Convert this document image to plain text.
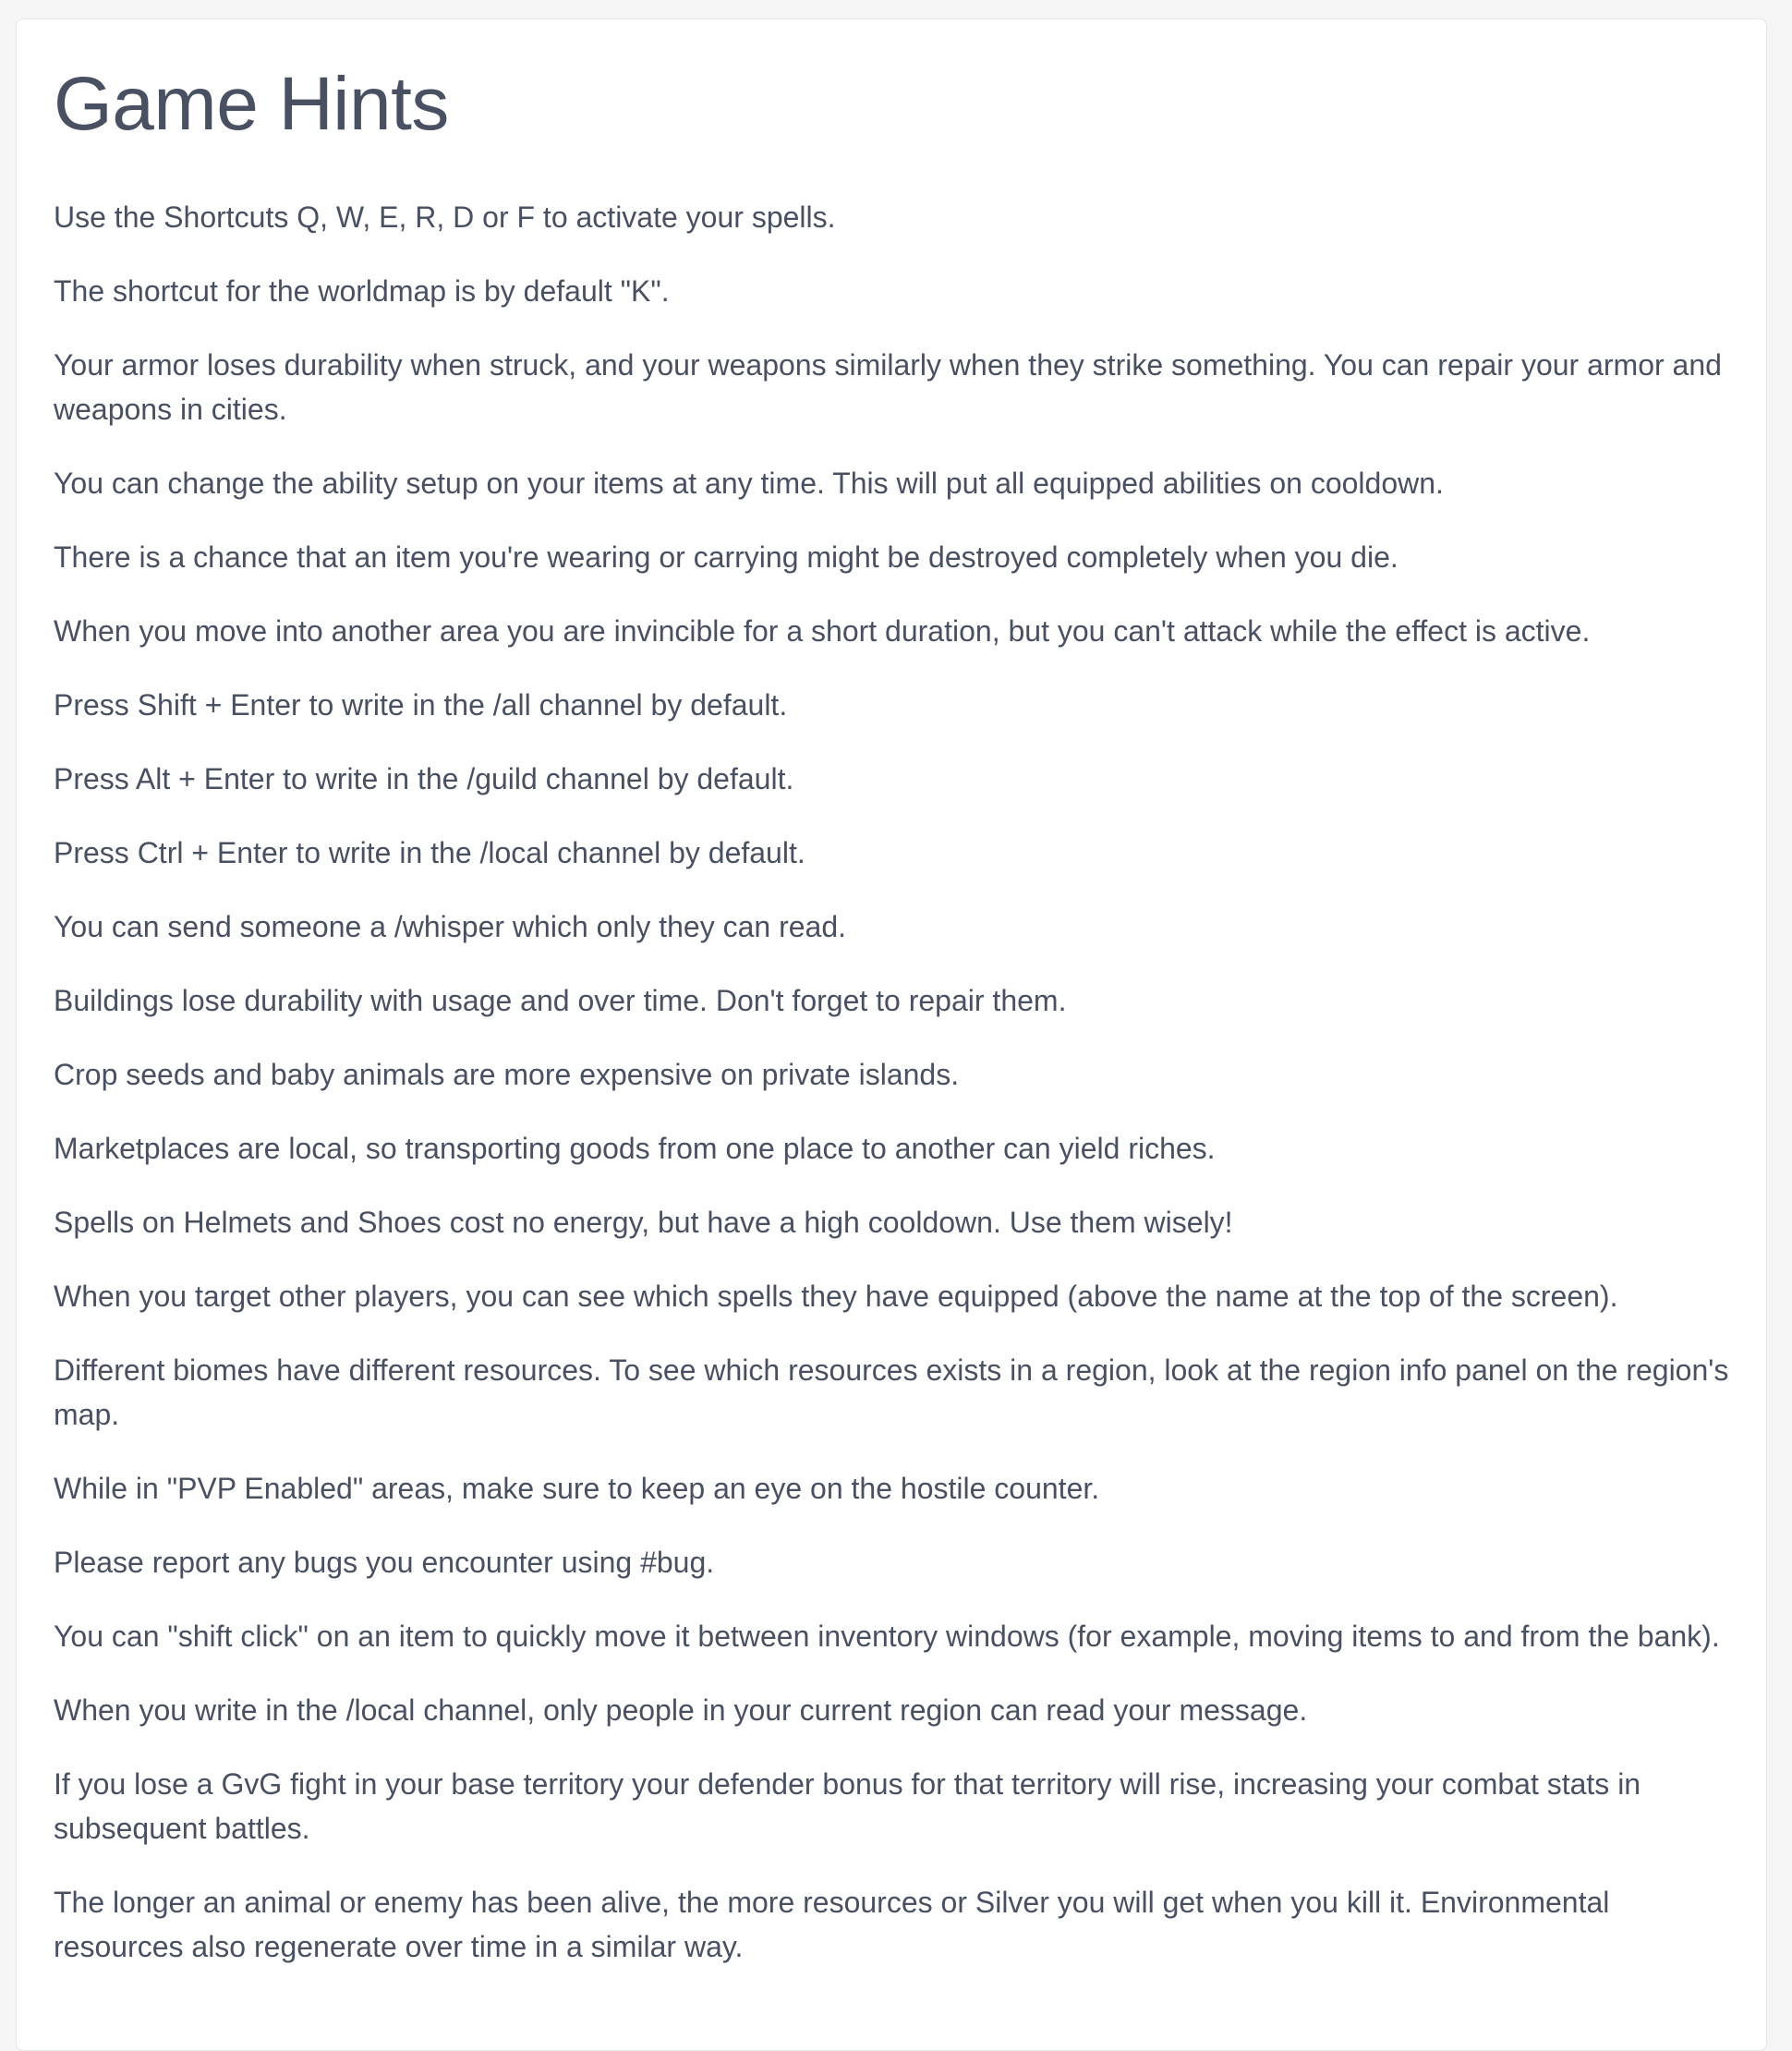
Game Hints
Use the Shortcuts Q, W, E, R, D or F to activate your spells.
The shortcut for the worldmap is by default "K".
Your armor loses durability when struck, and your weapons similarly when they strike something. You can repair your armor and weapons in cities.
You can change the ability setup on your items at any time. This will put all equipped abilities on cooldown.
There is a chance that an item you're wearing or carrying might be destroyed completely when you die.
When you move into another area you are invincible for a short duration, but you can't attack while the effect is active.
Press Shift + Enter to write in the /all channel by default.
Press Alt + Enter to write in the /guild channel by default.
Press Ctrl + Enter to write in the /local channel by default.
You can send someone a /whisper which only they can read.
Buildings lose durability with usage and over time. Don't forget to repair them.
Crop seeds and baby animals are more expensive on private islands.
Marketplaces are local, so transporting goods from one place to another can yield riches.
Spells on Helmets and Shoes cost no energy, but have a high cooldown. Use them wisely!
When you target other players, you can see which spells they have equipped (above the name at the top of the screen).
Different biomes have different resources. To see which resources exists in a region, look at the region info panel on the region's map.
While in "PVP Enabled" areas, make sure to keep an eye on the hostile counter.
Please report any bugs you encounter using #bug.
You can "shift click" on an item to quickly move it between inventory windows (for example, moving items to and from the bank).
When you write in the /local channel, only people in your current region can read your message.
If you lose a GvG fight in your base territory your defender bonus for that territory will rise, increasing your combat stats in subsequent battles.
The longer an animal or enemy has been alive, the more resources or Silver you will get when you kill it. Environmental resources also regenerate over time in a similar way.
